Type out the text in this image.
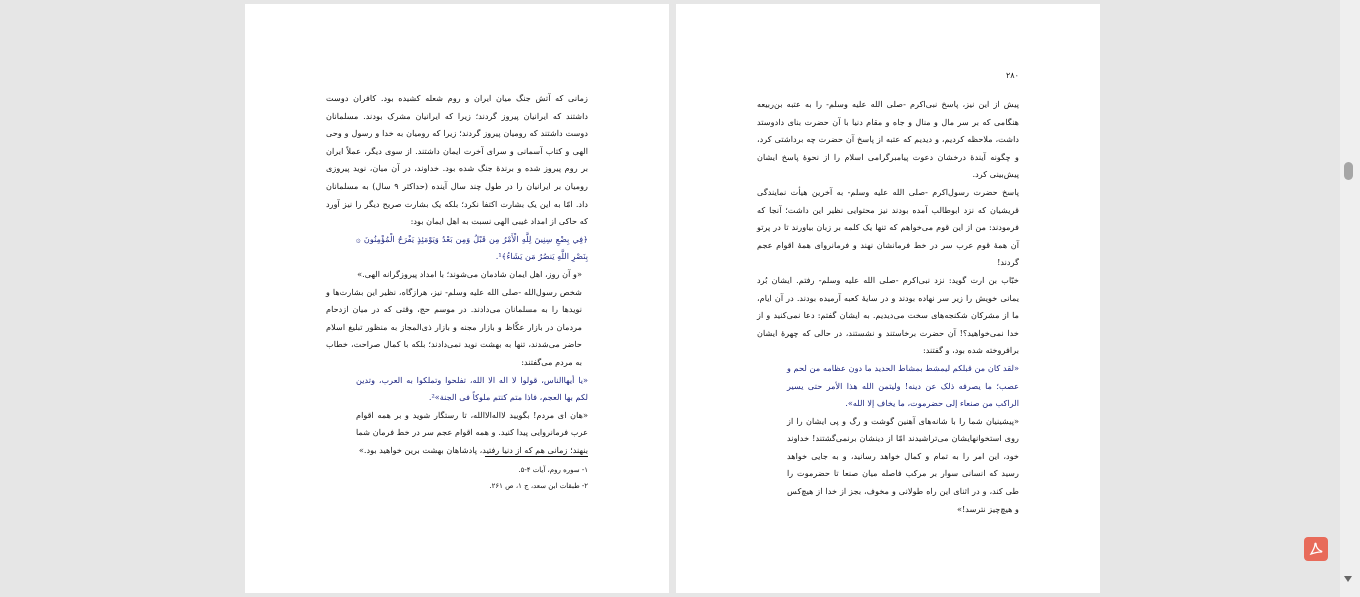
زمانی که آتش جنگ میان ایران و روم شعله کشیده بود. کافران دوست داشتند که ایرانیان پیروز گردند؛ زیرا که ایرانیان مشرک بودند. مسلمانان دوست داشتند که رومیان پیروز گردند؛ زیرا که رومیان به خدا و رسول و وحی الهی و کتاب آسمانی و سرای آخرت ایمان داشتند. از سوی دیگر، عملاً ایران بر روم پیروز شده و برندۀ جنگ شده بود. خداوند، در آن میان، نوید پیروزی رومیان بر ایرانیان را در طول چند سال آینده (حداکثر ۹ سال) به مسلمانان داد. امّا به این یک بشارت اکتفا نکرد؛ بلکه یک بشارت صریح دیگر را نیز آورد که حاکی از امداد غیبی الهی نسبت به اهل ایمان بود:

﴿فِي بِضْعِ سِنِينَ لِلَّهِ الْأَمْرُ مِن قَبْلُ وَمِن بَعْدُ وَيَوْمَئِذٍ يَفْرَحُ الْمُؤْمِنُونَ ۞ بِنَصْرِ اللَّهِ يَنصُرُ مَن يَشَاءُ﴾¹.

«و آن روز، اهل ایمان شادمان می‌شوند؛ با امداد پیروزگرانه الهی.»

شخص رسول‌الله -صلی الله علیه وسلم- نیز، هرازگاه، نظیر این بشارت‌ها و نویدها را به مسلمانان می‌دادند. در موسم حج، وقتی که در میان ازدحام مردمان در بازار عکّاظ و بازار مجنه و بازار ذی‌المجاز به منظور تبلیغ اسلام حاضر می‌شدند، تنها به بهشت نوید نمی‌دادند؛ بلکه با کمال صراحت، خطاب به مردم می‌گفتند:

«یا أیهاالناس، قولوا لا اله الا الله، تفلحوا وتملکوا به العرب، وتدین لکم بها العجم، فاذا متم کنتم ملوکاً فی الجنة»².

«هان ای مردم! بگویید لااله‌الاالله، تا رستگار شوید و بر همه اقوام عرب فرمانروایی پیدا کنید. و همه اقوام عجم سر در خط فرمان شما بنهند؛ زمانی هم که از دنیا رفتید، پادشاهان بهشت برین خواهید بود.»

۱- سوره روم، آیات ۴-۵.
۲- طبقات ابن سعد، ج ۱، ص ۲۶۱.
۲۸۰

پیش از این نیز، پاسخ نبی‌اکرم -صلی الله علیه وسلم- را به عتبه بن‌ربیعه هنگامی که بر سر مال و منال و جاه و مقام دنیا با آن حضرت بنای دادوستد داشت، ملاحظه کردیم، و دیدیم که عتبه از پاسخ آن حضرت چه برداشتی کرد، و چگونه آیندۀ درخشان دعوت پیامبرگرامی اسلام را از نحوۀ پاسخ ایشان پیش‌بینی کرد.

پاسخ حضرت رسول‌اکرم -صلی الله علیه وسلم- به آخرین هیأت نمایندگی قریشیان که نزد ابوطالب آمده بودند نیز محتوایی نظیر این داشت؛ آنجا که فرمودند: من از این قوم می‌خواهم که تنها یک کلمه بر زبان بیاورند تا در پرتو آن همۀ قوم عرب سر در خط فرمانشان نهند و فرمانروای همۀ اقوام عجم گردند!

خبّاب بن ارت گوید: نزد نبی‌اکرم -صلی الله علیه وسلم- رفتم. ایشان بُرد یمانی خویش را زیر سر نهاده بودند و در سایۀ کعبه آرمیده بودند. در آن ایام، ما از مشرکان شکنجه‌های سخت می‌دیدیم. به ایشان گفتم: دعا نمی‌کنید و از خدا نمی‌خواهید؟! آن حضرت برخاستند و نشستند، در حالی که چهرۀ ایشان برافروخته شده بود، و گفتند:

«لقد کان من قبلکم لیمشط بمشاط الحدید ما دون عظامه من لحم و عصب؛ ما یصرفه ذلک عن دینه! ولیتمن الله هذا الأمر حتی یسیر الراکب من صنعاء إلی حضرموت، ما یخاف إلا الله».

«پیشینیان شما را با شانه‌های آهنین گوشت و رگ و پی ایشان را از روی استخوانهایشان می‌تراشیدند امّا از دینشان برنمی‌گشتند! خداوند خود، این امر را به تمام و کمال خواهد رسانید، و به جایی خواهد رسید که انسانی سوار بر مرکب فاصله میان صنعا تا حضرموت را طی کند، و در اثنای این راه طولانی و مخوف، بجز از خدا از هیچ‌کس و هیچ‌چیز نترسد!»
